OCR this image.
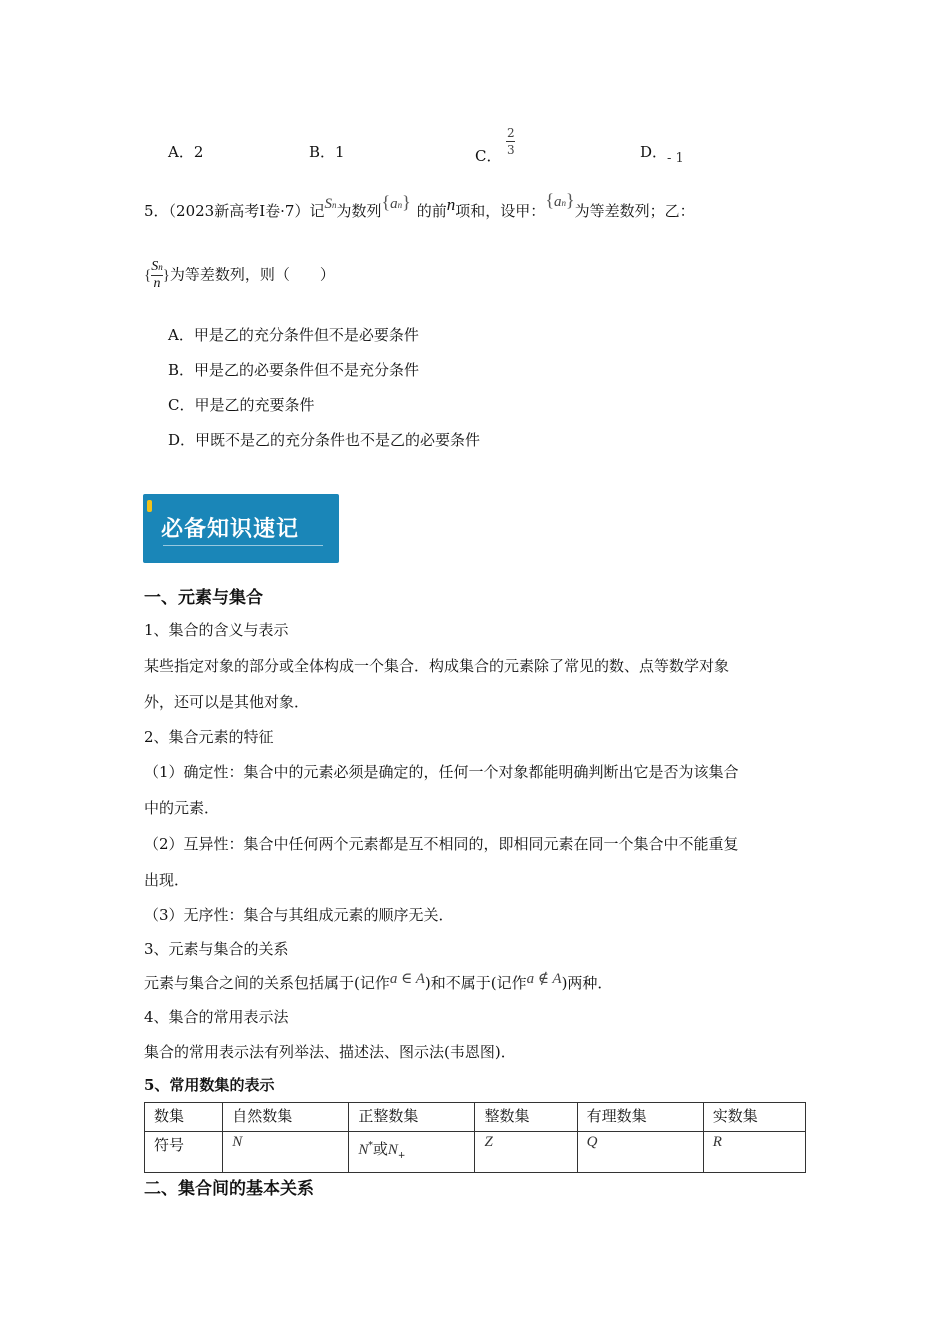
A．2	B．1	C． $\frac{2}{3}$	D．- 1
5．（2023新高考Ⅰ卷·7）记Sn为数列{an} 的前n项和，设甲：{an}为等差数列；乙：
{ $\frac{Sn}{n}$ }为等差数列，则（　　）
A．甲是乙的充分条件但不是必要条件
B．甲是乙的必要条件但不是充分条件
C．甲是乙的充要条件
D．甲既不是乙的充分条件也不是乙的必要条件
必备知识速记
一、元素与集合
1、集合的含义与表示
某些指定对象的部分或全体构成一个集合．构成集合的元素除了常见的数、点等数学对象
外，还可以是其他对象．
2、集合元素的特征
（1）确定性：集合中的元素必须是确定的，任何一个对象都能明确判断出它是否为该集合
中的元素．
（2）互异性：集合中任何两个元素都是互不相同的，即相同元素在同一个集合中不能重复
出现．
（3）无序性：集合与其组成元素的顺序无关．
3、元素与集合的关系
元素与集合之间的关系包括属于(记作a ∈ A)和不属于(记作a ∉ A)两种．
4、集合的常用表示法
集合的常用表示法有列举法、描述法、图示法(韦恩图)．
5、常用数集的表示
数集	自然数集	正整数集	整数集	有理数集	实数集
符号	N	N*或$N_+$	Z	Q	R
二、集合间的基本关系
